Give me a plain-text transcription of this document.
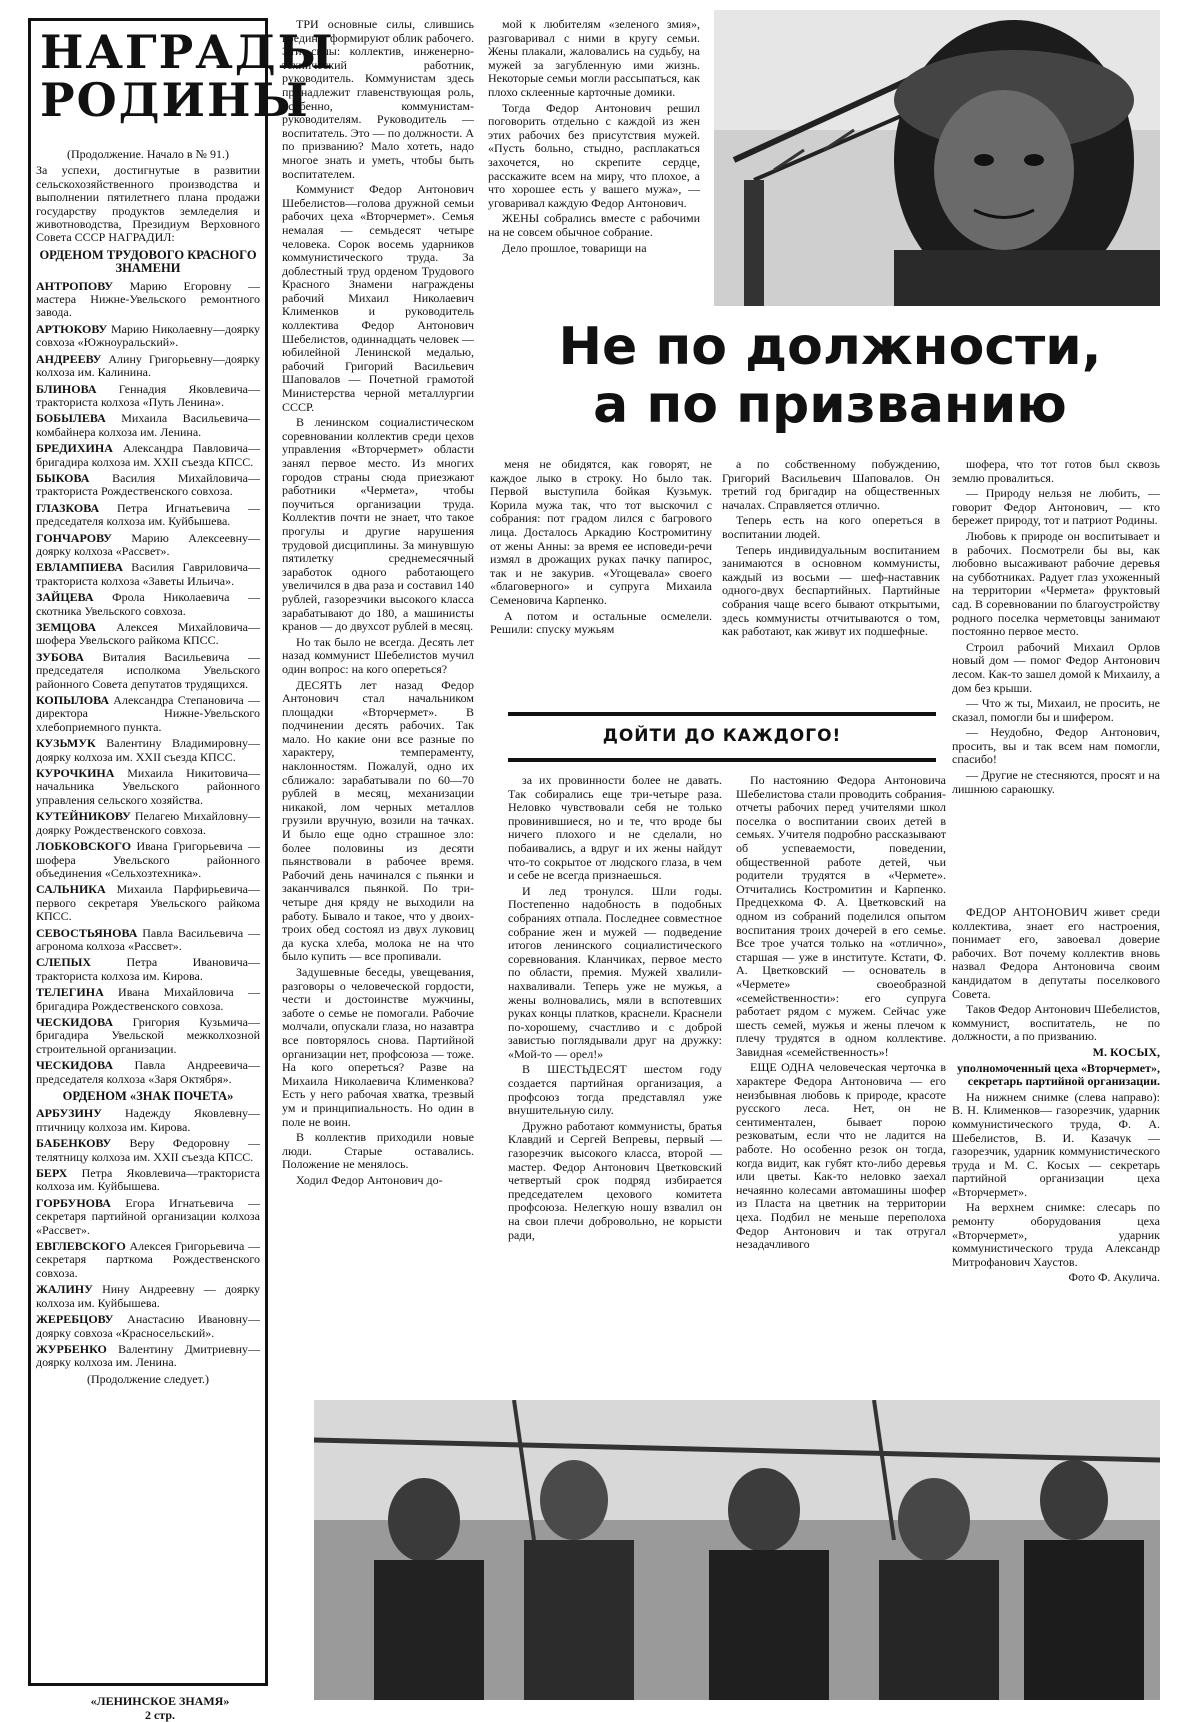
НАГРАДЫ
РОДИНЫ

(Продолжение. Начало в № 91.)

За успехи, достигнутые в развитии сельскохозяйственного производства и выполнении пятилетнего плана продажи государству продуктов земледелия и животноводства, Президиум Верховного Совета СССР НАГРАДИЛ:

ОРДЕНОМ ТРУДОВОГО КРАСНОГО ЗНАМЕНИ

АНТРОПОВУ Марию Егоровну — мастера Нижне-Увельского ремонтного завода.

АРТЮКОВУ Марию Николаевну—доярку совхоза «Южноуральский».

АНДРЕЕВУ Алину Григорьевну—доярку колхоза им. Калинина.

БЛИНОВА Геннадия Яковлевича—тракториста колхоза «Путь Ленина».

БОБЫЛЕВА Михаила Васильевича—комбайнера колхоза им. Ленина.

БРЕДИХИНА Александра Павловича—бригадира колхоза им. XXII съезда КПСС.

БЫКОВА Василия Михайловича— тракториста Рождественского совхоза.

ГЛАЗКОВА Петра Игнатьевича —председателя колхоза им. Куйбышева.

ГОНЧАРОВУ Марию Алексеевну—доярку колхоза «Рассвет».

ЕВЛАМПИЕВА Василия Гавриловича—тракториста колхоза «Заветы Ильича».

ЗАЙЦЕВА Фрола Николаевича — скотника Увельского совхоза.

ЗЕМЦОВА Алексея Михайловича—шофера Увельского райкома КПСС.

ЗУБОВА Виталия Васильевича —председателя исполкома Увельского районного Совета депутатов трудящихся.

КОПЫЛОВА Александра Степановича — директора Нижне-Увельского хлебоприемного пункта.

КУЗЬМУК Валентину Владимировну— доярку колхоза им. XXII съезда КПСС.

КУРОЧКИНА Михаила Никитовича—начальника Увельского районного управления сельского хозяйства.

КУТЕЙНИКОВУ Пелагею Михайловну—доярку Рождественского совхоза.

ЛОБКОВСКОГО Ивана Григорьевича — шофера Увельского районного объединения «Сельхозтехника».

САЛЬНИКА Михаила Парфирьевича—первого секретаря Увельского райкома КПСС.

СЕВОСТЬЯНОВА Павла Васильевича — агронома колхоза «Рассвет».

СЛЕПЫХ Петра Ивановича— тракториста колхоза им. Кирова.

ТЕЛЕГИНА Ивана Михайловича — бригадира Рождественского совхоза.

ЧЕСКИДОВА Григория Кузьмича—бригадира Увельской межколхозной строительной организации.

ЧЕСКИДОВА Павла Андреевича—председателя колхоза «Заря Октября».

ОРДЕНОМ «ЗНАК ПОЧЕТА»

АРБУЗИНУ Надежду Яковлевну—птичницу колхоза им. Кирова.

БАБЕНКОВУ Веру Федоровну — телятницу колхоза им. XXII съезда КПСС.

БЕРХ Петра Яковлевича—тракториста колхоза им. Куйбышева.

ГОРБУНОВА Егора Игнатьевича — секретаря партийной организации колхоза «Рассвет».

ЕВГЛЕВСКОГО Алексея Григорьевича — секретаря парткома Рождественского совхоза.

ЖАЛИНУ Нину Андреевну — доярку колхоза им. Куйбышева.

ЖЕРЕБЦОВУ Анастасию Ивановну— доярку совхоза «Красносельский».

ЖУРБЕНКО Валентину Дмитриевну— доярку колхоза им. Ленина.

(Продолжение следует.)

«ЛЕНИНСКОЕ ЗНАМЯ»
2 стр.

ТРИ основные силы, слившись воедино, формируют облик рабочего. Эти силы: коллектив, инженерно-технический работник, руководитель. Коммунистам здесь принадлежит главенствующая роль, особенно, коммунистам-руководителям. Руководитель — воспитатель. Это — по должности. А по призванию? Мало хотеть, надо многое знать и уметь, чтобы быть воспитателем.

Коммунист Федор Антонович Шебелистов—голова дружной семьи рабочих цеха «Вторчермет». Семья немалая — семьдесят четыре человека. Сорок восемь ударников коммунистического труда. За доблестный труд орденом Трудового Красного Знамени награждены рабочий Михаил Николаевич Клименков и руководитель коллектива Федор Антонович Шебелистов, одиннадцать человек — юбилейной Ленинской медалью, рабочий Григорий Васильевич Шаповалов — Почетной грамотой Министерства черной металлургии СССР.

В ленинском социалистическом соревновании коллектив среди цехов управления «Вторчермет» области занял первое место. Из многих городов страны сюда приезжают работники «Чермета», чтобы поучиться организации труда. Коллектив почти не знает, что такое прогулы и другие нарушения трудовой дисциплины. За минувшую пятилетку среднемесячный заработок одного работающего увеличился в два раза и составил 140 рублей, газорезчики высокого класса зарабатывают до 180, а машинисты кранов — до двухсот рублей в месяц.

Но так было не всегда. Десять лет назад коммунист Шебелистов мучил один вопрос: на кого опереться?

ДЕСЯТЬ лет назад Федор Антонович стал начальником площадки «Вторчермет». В подчинении десять рабочих. Так мало. Но какие они все разные по характеру, темпераменту, наклонностям. Пожалуй, одно их сближало: зарабатывали по 60—70 рублей в месяц, механизации никакой, лом черных металлов грузили вручную, возили на тачках. И было еще одно страшное зло: более половины из десяти пьянствовали в рабочее время. Рабочий день начинался с пьянки и заканчивался пьянкой. По три-четыре дня кряду не выходили на работу. Бывало и такое, что у двоих-троих обед состоял из двух луковиц да куска хлеба, молока не на что было купить — все пропивали.

Задушевные беседы, увещевания, разговоры о человеческой гордости, чести и достоинстве мужчины, заботе о семье не помогали. Рабочие молчали, опускали глаза, но назавтра все повторялось снова. Партийной организации нет, профсоюза — тоже. На кого опереться? Разве на Михаила Николаевича Клименкова? Есть у него рабочая хватка, трезвый ум и принципиальность. Но один в поле не воин.

В коллектив приходили новые люди. Старые оставались. Положение не менялось.

Ходил Федор Антонович до-

мой к любителям «зеленого змия», разговаривал с ними в кругу семьи. Жены плакали, жаловались на судьбу, на мужей за загубленную ими жизнь. Некоторые семьи могли рассыпаться, как плохо склеенные карточные домики.

Тогда Федор Антонович решил поговорить отдельно с каждой из жен этих рабочих без присутствия мужей. «Пусть больно, стыдно, расплакаться захочется, но скрепите сердце, расскажите всем на миру, что плохое, а что хорошее есть у вашего мужа», — уговаривал каждую Федор Антонович.

ЖЕНЫ собрались вместе с рабочими на не совсем обычное собрание.

Дело прошлое, товарищи на

Не по должности,
а по призванию

меня не обидятся, как говорят, не каждое лыко в строку. Но было так. Первой выступила бойкая Кузьмук. Корила мужа так, что тот выскочил с собрания: пот градом лился с багрового лица. Досталось Аркадию Костромитину от жены Анны: за время ее исповеди-речи измял в дрожащих руках пачку папирос, так и не закурив. «Угощевала» своего «благоверного» и супруга Михаила Семеновича Карпенко.

А потом и остальные осмелели. Решили: спуску мужьям

а по собственному побуждению, Григорий Васильевич Шаповалов. Он третий год бригадир на общественных началах. Справляется отлично.

Теперь есть на кого опереться в воспитании людей.

Теперь индивидуальным воспитанием занимаются в основном коммунисты, каждый из восьми — шеф-наставник одного-двух беспартийных. Партийные собрания чаще всего бывают открытыми, здесь коммунисты отчитываются о том, как работают, как живут их подшефные.

шофера, что тот готов был сквозь землю провалиться.

— Природу нельзя не любить, — говорит Федор Антонович, — кто бережет природу, тот и патриот Родины.

Любовь к природе он воспитывает и в рабочих. Посмотрели бы вы, как любовно высаживают рабочие деревья на субботниках. Радует глаз ухоженный на территории «Чермета» фруктовый сад. В соревновании по благоустройству родного поселка черметовцы занимают постоянно первое место.

Строил рабочий Михаил Орлов новый дом — помог Федор Антонович лесом. Как-то зашел домой к Михаилу, а дом без крыши.

— Что ж ты, Михаил, не просить, не сказал, помогли бы и шифером.

— Неудобно, Федор Антонович, просить, вы и так всем нам помогли, спасибо!

— Другие не стесняются, просят и на лишнюю сараюшку.

ДОЙТИ ДО КАЖДОГО!

за их провинности более не давать. Так собирались еще три-четыре раза. Неловко чувствовали себя не только провинившиеся, но и те, что вроде бы ничего плохого и не сделали, но побаивались, а вдруг и их жены найдут что-то сокрытое от людского глаза, в чем и себе не всегда признаешься.

И лед тронулся. Шли годы. Постепенно надобность в подобных собраниях отпала. Последнее совместное собрание жен и мужей — подведение итогов ленинского социалистического соревнования. Кланчиках, первое место по области, премия. Мужей хвалили-нахваливали. Теперь уже не мужья, а жены волновались, мяли в вспотевших руках концы платков, краснели. Краснели по-хорошему, счастливо и с доброй завистью поглядывали друг на дружку: «Мой-то — орел!»

В ШЕСТЬДЕСЯТ шестом году создается партийная организация, а профсоюз тогда представлял уже внушительную силу.

Дружно работают коммунисты, братья Клавдий и Сергей Вепревы, первый — газорезчик высокого класса, второй — мастер. Федор Антонович Цветковский четвертый срок подряд избирается председателем цехового комитета профсоюза. Нелегкую ношу взвалил он на свои плечи добровольно, не корысти ради,

По настоянию Федора Антоновича Шебелистова стали проводить собрания-отчеты рабочих перед учителями школ поселка о воспитании своих детей в семьях. Учителя подробно рассказывают об успеваемости, поведении, общественной работе детей, чьи родители трудятся в «Чермете». Отчитались Костромитин и Карпенко. Предцехкома Ф. А. Цветковский на одном из собраний поделился опытом воспитания троих дочерей в его семье. Все трое учатся только на «отлично», старшая — уже в институте. Кстати, Ф. А. Цветковский — основатель в «Чермете» своеобразной «семейственности»: его супруга работает рядом с мужем. Сейчас уже шесть семей, мужья и жены плечом к плечу трудятся в одном коллективе. Завидная «семейственность»!

ЕЩЕ ОДНА человеческая черточка в характере Федора Антоновича — его неизбывная любовь к природе, красоте русского леса. Нет, он не сентиментален, бывает порою резковатым, если что не ладится на работе. Но особенно резок он тогда, когда видит, как губят кто-либо деревья или цветы. Как-то неловко заехал нечаянно колесами автомашины шофер из Пласта на цветник на территории цеха. Подбил не меньше переполоха Федор Антонович и так отругал незадачливого

ФЕДОР АНТОНОВИЧ живет среди коллектива, знает его настроения, понимает его, завоевал доверие рабочих. Вот почему коллектив вновь назвал Федора Антоновича своим кандидатом в депутаты поселкового Совета.

Таков Федор Антонович Шебелистов, коммунист, воспитатель, не по должности, а по призванию.

М. КОСЫХ,

уполномоченный цеха «Вторчермет», секретарь партийной организации.

На нижнем снимке (слева направо): В. Н. Клименков— газорезчик, ударник коммунистического труда, Ф. А. Шебелистов, В. И. Казачук — газорезчик, ударник коммунистического труда и М. С. Косых — секретарь партийной организации цеха «Вторчермет».

На верхнем снимке: слесарь по ремонту оборудования цеха «Вторчермет», ударник коммунистического труда Александр Митрофанович Хаустов.

Фото Ф. Акулича.
